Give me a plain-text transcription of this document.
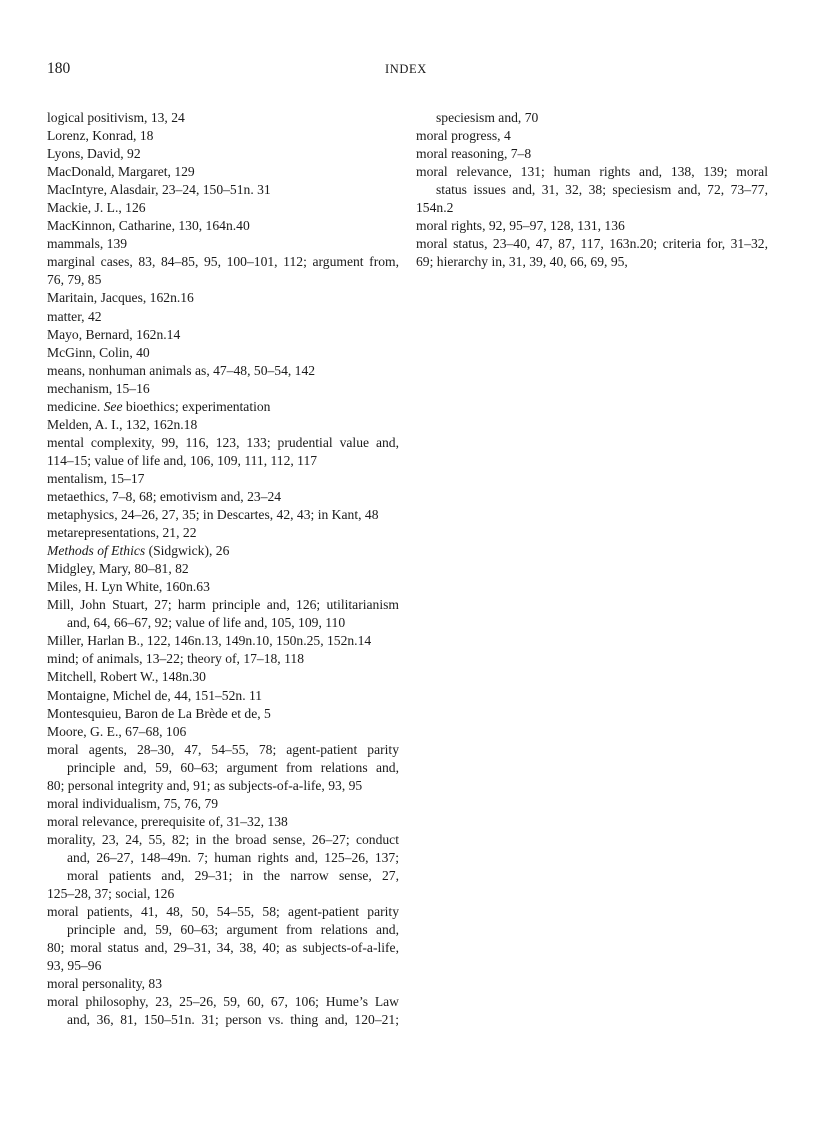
180	INDEX
logical positivism, 13, 24
Lorenz, Konrad, 18
Lyons, David, 92
MacDonald, Margaret, 129
MacIntyre, Alasdair, 23–24, 150–51n. 31
Mackie, J. L., 126
MacKinnon, Catharine, 130, 164n.40
mammals, 139
marginal cases, 83, 84–85, 95, 100–101, 112; argument from,
76, 79, 85
Maritain, Jacques, 162n.16
matter, 42
Mayo, Bernard, 162n.14
McGinn, Colin, 40
means, nonhuman animals as, 47–48, 50–54, 142
mechanism, 15–16
medicine. See bioethics; experimentation
Melden, A. I., 132, 162n.18
mental complexity, 99, 116, 123, 133; prudential value and,
114–15; value of life and, 106, 109, 111, 112, 117
mentalism, 15–17
metaethics, 7–8, 68; emotivism and, 23–24
metaphysics, 24–26, 27, 35; in Descartes, 42, 43; in Kant, 48
metarepresentations, 21, 22
Methods of Ethics (Sidgwick), 26
Midgley, Mary, 80–81, 82
Miles, H. Lyn White, 160n.63
Mill, John Stuart, 27; harm principle and, 126; utilitarianism
and, 64, 66–67, 92; value of life and, 105, 109, 110
Miller, Harlan B., 122, 146n.13, 149n.10, 150n.25, 152n.14
mind; of animals, 13–22; theory of, 17–18, 118
Mitchell, Robert W., 148n.30
Montaigne, Michel de, 44, 151–52n. 11
Montesquieu, Baron de La Brède et de, 5
Moore, G. E., 67–68, 106
moral agents, 28–30, 47, 54–55, 78; agent-patient parity
principle and, 59, 60–63; argument from relations and,
80; personal integrity and, 91; as subjects-of-a-life, 93, 95
moral individualism, 75, 76, 79
moral relevance, prerequisite of, 31–32, 138
morality, 23, 24, 55, 82; in the broad sense, 26–27; conduct
and, 26–27, 148–49n. 7; human rights and, 125–26, 137;
moral patients and, 29–31; in the narrow sense, 27,
125–28, 37; social, 126
moral patients, 41, 48, 50, 54–55, 58; agent-patient parity
principle and, 59, 60–63; argument from relations and,
80; moral status and, 29–31, 34, 38, 40; as subjects-of-a-life,
93, 95–96
moral personality, 83
moral philosophy, 23, 25–26, 59, 60, 67, 106; Hume’s Law
and, 36, 81, 150–51n. 31; person vs. thing and, 120–21;
speciesism and, 70
moral progress, 4
moral reasoning, 7–8
moral relevance, 131; human rights and, 138, 139; moral
status issues and, 31, 32, 38; speciesism and, 72, 73–77,
154n.2
moral rights, 92, 95–97, 128, 131, 136
moral status, 23–40, 47, 87, 117, 163n.20; criteria for, 31–32,
69; hierarchy in, 31, 39, 40, 66, 69, 95,
